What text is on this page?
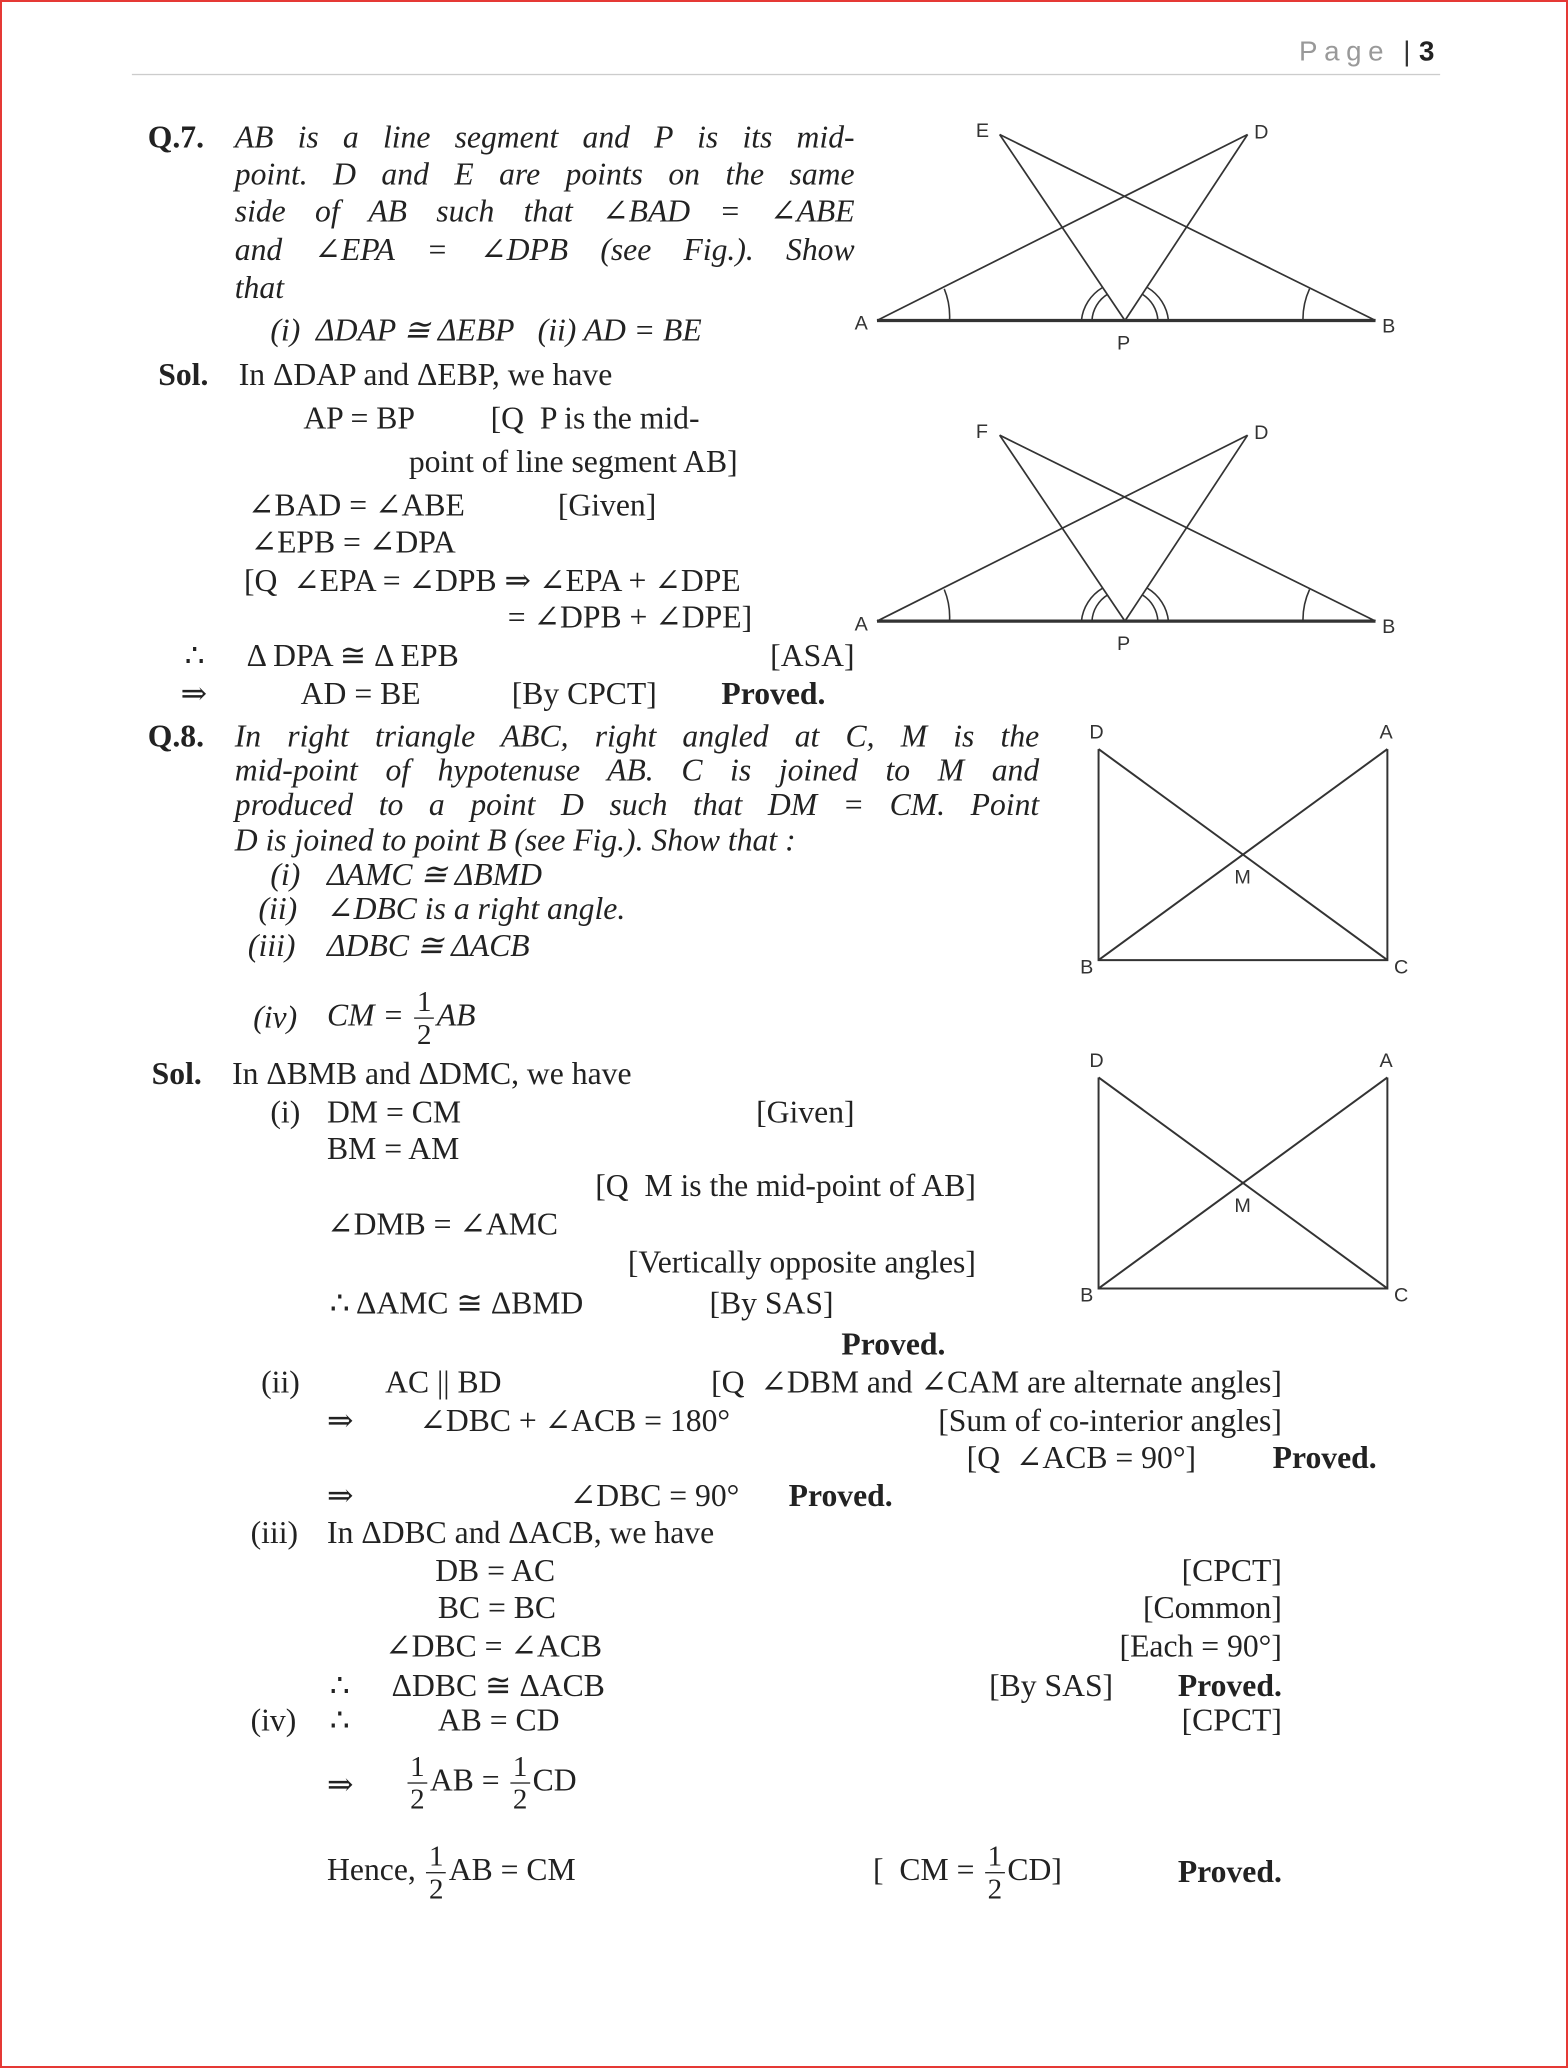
Page | 3
Q.7. AB is a line segment and P is its mid-
point. D and E are points on the same
side of AB such that ∠BAD = ∠ABE
and ∠EPA = ∠DPB (see Fig.). Show
that
(i)  ΔDAP ≅ ΔEBP   (ii) AD = BE
Sol. In ΔDAP and ΔEBP, we have
AP = BP	[Q  P is the mid-
point of line segment AB]
∠BAD = ∠ABE	[Given]
∠EPB = ∠DPA
[Q  ∠EPA = ∠DPB ⇒ ∠EPA + ∠DPE
= ∠DPB + ∠DPE]
∴ Δ DPA ≅ Δ EPB	[ASA]
⇒	AD = BE	[By CPCT]	Proved.
Q.8. In right triangle ABC, right angled at C, M is the
mid-point of hypotenuse AB. C is joined to M and
produced to a point D such that DM = CM. Point
D is joined to point B (see Fig.). Show that :
(i) ΔAMC ≅ ΔBMD
(ii) ∠DBC is a right angle.
(iii) ΔDBC ≅ ΔACB
(iv) CM = $\frac{1}{2}$ AB
Sol. In ΔBMB and ΔDMC, we have
(i) DM = CM	[Given]
BM = AM
[Q  M is the mid-point of AB]
∠DMB = ∠AMC
[Vertically opposite angles]
∴ ΔAMC ≅ ΔBMD	[By SAS]
Proved.
(ii)	AC || BD	[Q  ∠DBM and ∠CAM are alternate angles]
⇒	∠DBC + ∠ACB = 180°	[Sum of co-interior angles]
[Q  ∠ACB = 90°]	Proved.
⇒	∠DBC = 90° Proved.
(iii) In ΔDBC and ΔACB, we have
DB = AC	[CPCT]
BC = BC	[Common]
∠DBC = ∠ACB	[Each = 90°]
∴ ΔDBC ≅ ΔACB	[By SAS]	Proved.
(iv) ∴	AB = CD	[CPCT]
⇒ $\frac{1}{2}$ AB = $\frac{1}{2}$ CD
Hence, $\frac{1}{2}$ AB = CM	[  CM = $\frac{1}{2} CD$]	Proved.
A	B
P
E	D
A	B
P
F	D
D	A
B	C
M
D	A
B	C
M
